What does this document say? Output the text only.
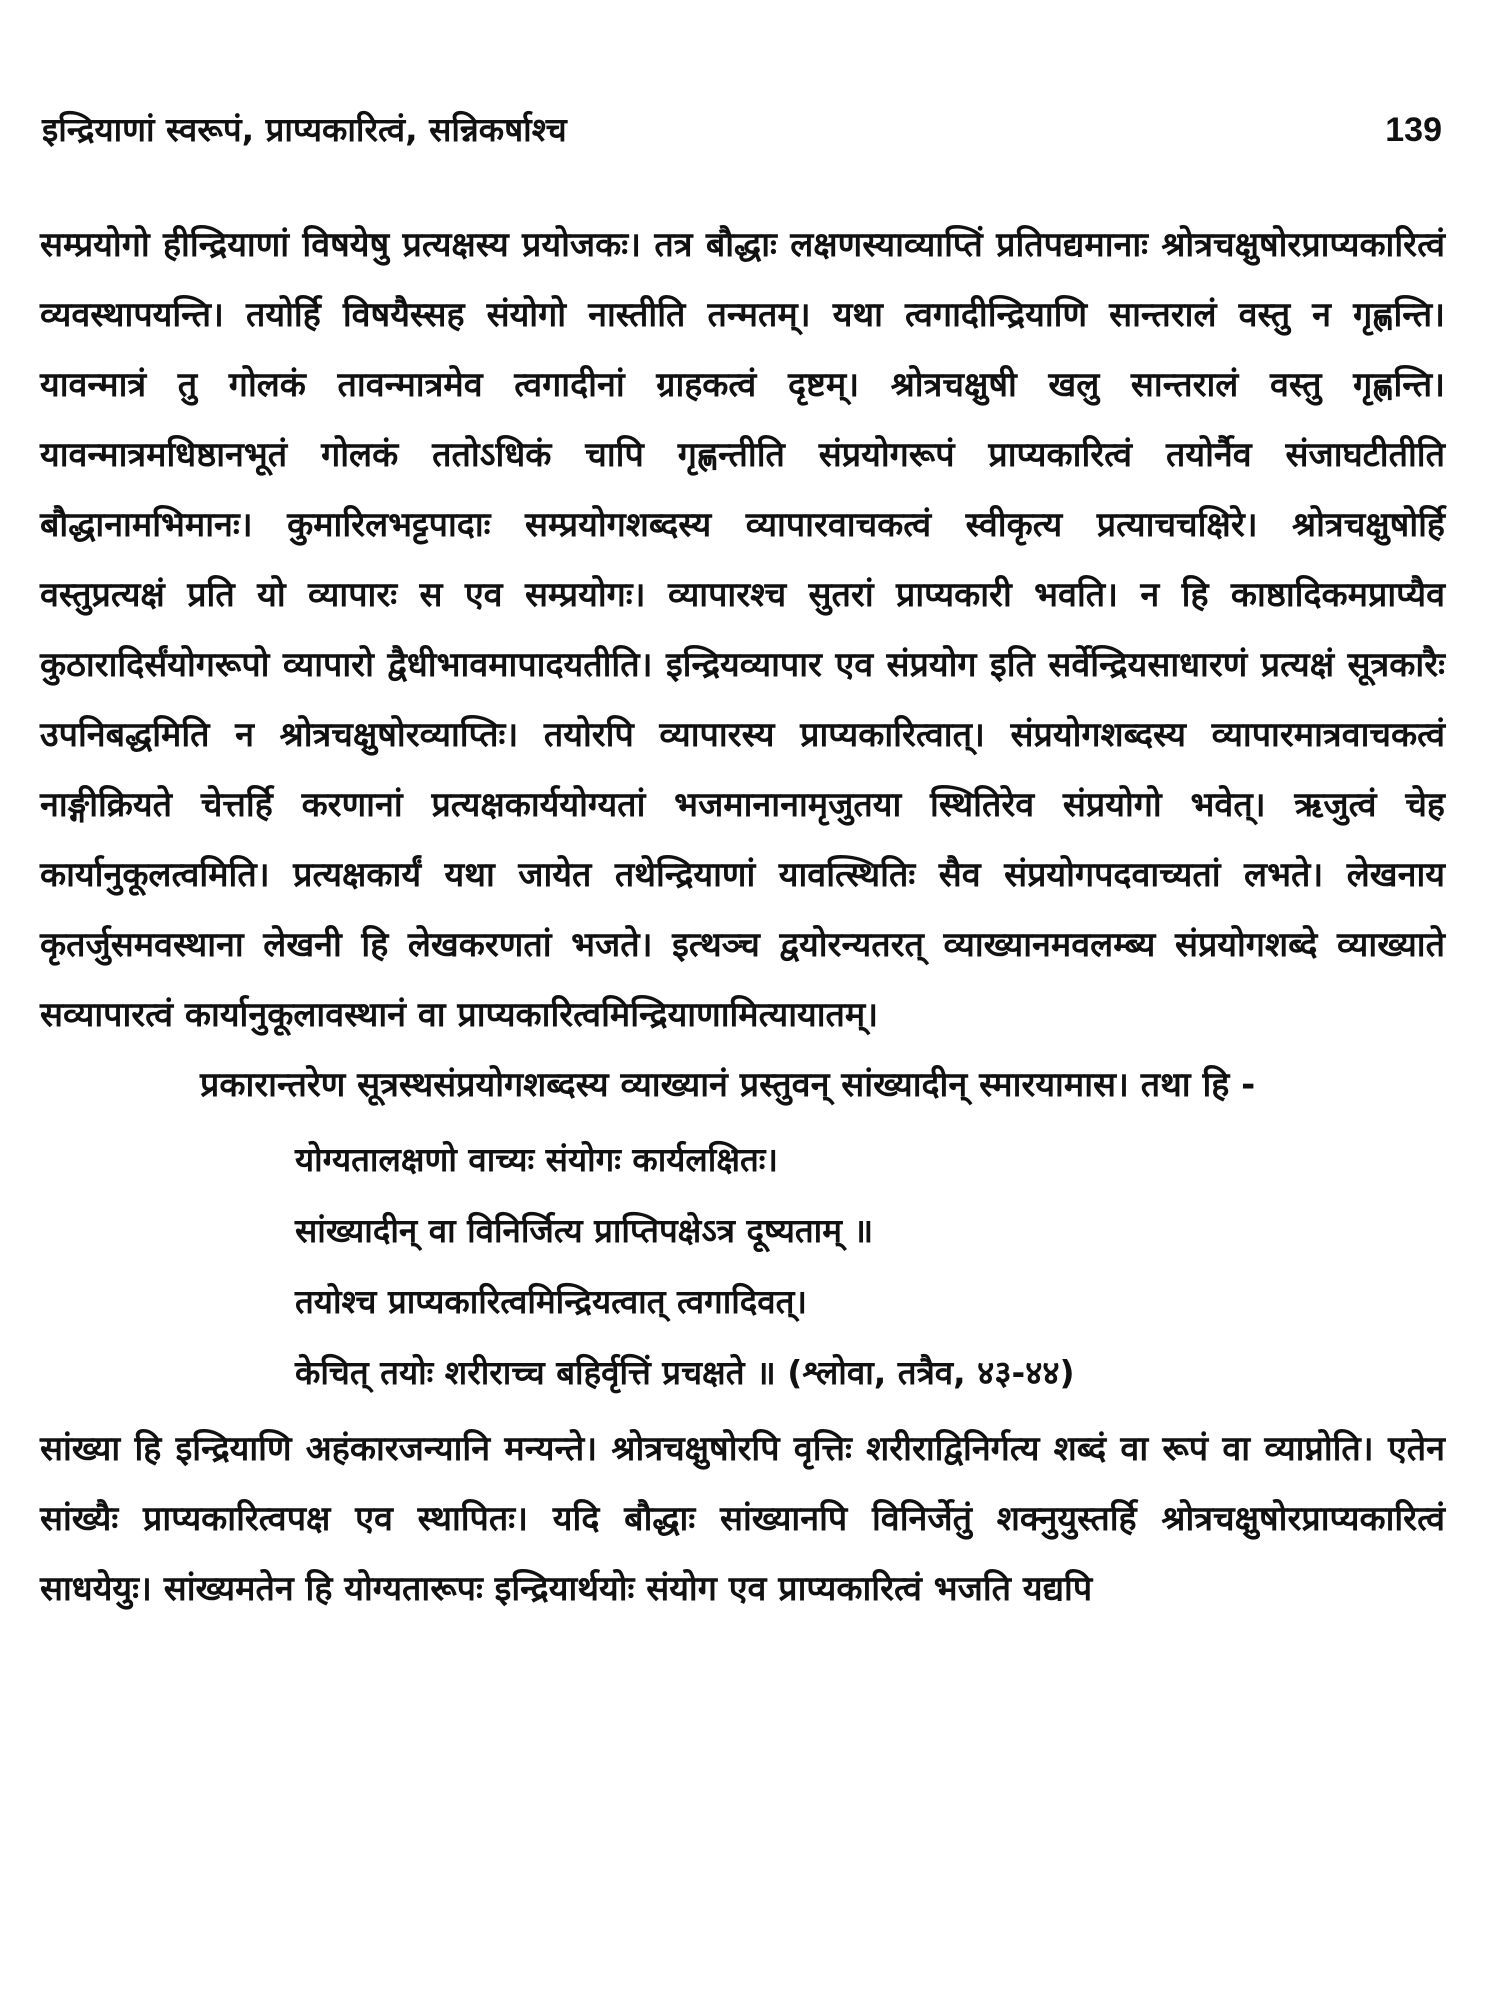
इन्द्रियाणां स्वरूपं, प्राप्यकारित्वं, सन्निकर्षाश्च	139

सम्प्रयोगो हीन्द्रियाणां विषयेषु प्रत्यक्षस्य प्रयोजकः। तत्र बौद्धाः लक्षणस्याव्याप्तिं प्रतिपद्यमानाः श्रोत्रचक्षुषोरप्राप्यकारित्वं व्यवस्थापयन्ति। तयोर्हि विषयैस्सह संयोगो नास्तीति तन्मतम्। यथा त्वगादीन्द्रियाणि सान्तरालं वस्तु न गृह्णन्ति। यावन्मात्रं तु गोलकं तावन्मात्रमेव त्वगादीनां ग्राहकत्वं दृष्टम्। श्रोत्रचक्षुषी खलु सान्तरालं वस्तु गृह्णन्ति। यावन्मात्रमधिष्ठानभूतं गोलकं ततोऽधिकं चापि गृह्णन्तीति संप्रयोगरूपं प्राप्यकारित्वं तयोर्नैव संजाघटीतीति बौद्धानामभिमानः। कुमारिलभट्टपादाः सम्प्रयोगशब्दस्य व्यापारवाचकत्वं स्वीकृत्य प्रत्याचचक्षिरे। श्रोत्रचक्षुषोर्हि वस्तुप्रत्यक्षं प्रति यो व्यापारः स एव सम्प्रयोगः। व्यापारश्च सुतरां प्राप्यकारी भवति। न हि काष्ठादिकमप्राप्यैव कुठारादिर्संयोगरूपो व्यापारो द्वैधीभावमापादयतीति। इन्द्रियव्यापार एव संप्रयोग इति सर्वेन्द्रियसाधारणं प्रत्यक्षं सूत्रकारैः उपनिबद्धमिति न श्रोत्रचक्षुषोरव्याप्तिः। तयोरपि व्यापारस्य प्राप्यकारित्वात्। संप्रयोगशब्दस्य व्यापारमात्रवाचकत्वं नाङ्गीक्रियते चेत्तर्हि करणानां प्रत्यक्षकार्ययोग्यतां भजमानानामृजुतया स्थितिरेव संप्रयोगो भवेत्। ऋजुत्वं चेह कार्यानुकूलत्वमिति। प्रत्यक्षकार्यं यथा जायेत तथेन्द्रियाणां यावत्स्थितिः सैव संप्रयोगपदवाच्यतां लभते। लेखनाय कृतर्जुसमवस्थाना लेखनी हि लेखकरणतां भजते। इत्थञ्च द्वयोरन्यतरत् व्याख्यानमवलम्ब्य संप्रयोगशब्दे व्याख्याते सव्यापारत्वं कार्यानुकूलावस्थानं वा प्राप्यकारित्वमिन्द्रियाणामित्यायातम्।

प्रकारान्तरेण सूत्रस्थसंप्रयोगशब्दस्य व्याख्यानं प्रस्तुवन् सांख्यादीन् स्मारयामास। तथा हि -

योग्यतालक्षणो वाच्यः संयोगः कार्यलक्षितः।
सांख्यादीन् वा विनिर्जित्य प्राप्तिपक्षेऽत्र दूष्यताम् ॥
तयोश्च प्राप्यकारित्वमिन्द्रियत्वात् त्वगादिवत्।
केचित् तयोः शरीराच्च बहिर्वृत्तिं प्रचक्षते ॥ (श्लोवा, तत्रैव, ४३-४४)

सांख्या हि इन्द्रियाणि अहंकारजन्यानि मन्यन्ते। श्रोत्रचक्षुषोरपि वृत्तिः शरीराद्विनिर्गत्य शब्दं वा रूपं वा व्याप्नोति। एतेन सांख्यैः प्राप्यकारित्वपक्ष एव स्थापितः। यदि बौद्धाः सांख्यानपि विनिर्जेतुं शक्नुयुस्तर्हि श्रोत्रचक्षुषोरप्राप्यकारित्वं साधयेयुः। सांख्यमतेन हि योग्यतारूपः इन्द्रियार्थयोः संयोग एव प्राप्यकारित्वं भजति यद्यपि
